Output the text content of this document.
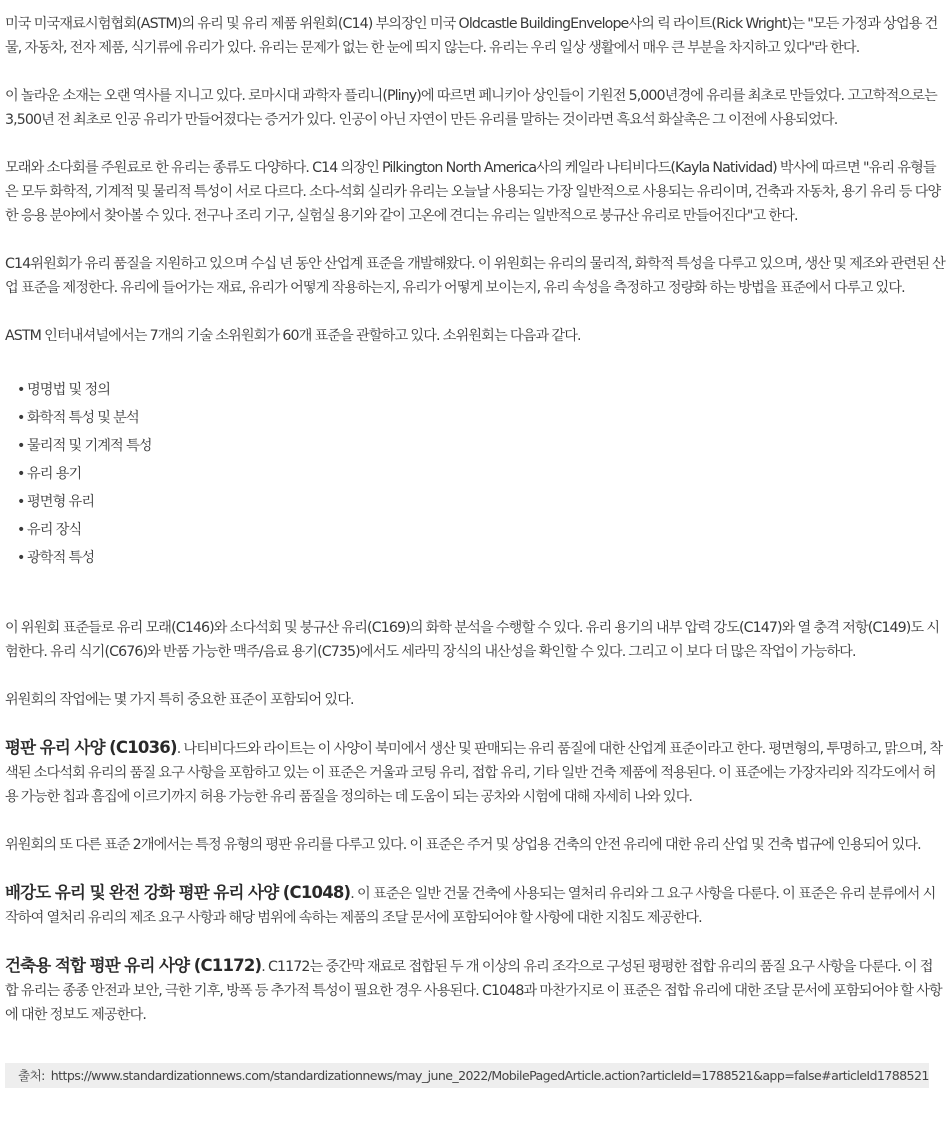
미국 미국재료시험협회(ASTM)의 유리 및 유리 제품 위원회(C14) 부의장인 미국 Oldcastle BuildingEnvelope사의 릭 라이트(Rick Wright)는 "모든 가정과 상업용 건물, 자동차, 전자 제품, 식기류에 유리가 있다. 유리는 문제가 없는 한 눈에 띄지 않는다. 유리는 우리 일상 생활에서 매우 큰 부분을 차지하고 있다"라 한다.

이 놀라운 소재는 오랜 역사를 지니고 있다. 로마시대 과학자 플리니(Pliny)에 따르면 페니키아 상인들이 기원전 5,000년경에 유리를 최초로 만들었다. 고고학적으로는 3,500년 전 최초로 인공 유리가 만들어졌다는 증거가 있다. 인공이 아닌 자연이 만든 유리를 말하는 것이라면 흑요석 화살촉은 그 이전에 사용되었다.

모래와 소다회를 주원료로 한 유리는 종류도 다양하다. C14 의장인 Pilkington North America사의 케일라 나티비다드(Kayla Natividad) 박사에 따르면 "유리 유형들은 모두 화학적, 기계적 및 물리적 특성이 서로 다르다. 소다-석회 실리카 유리는 오늘날 사용되는 가장 일반적으로 사용되는 유리이며, 건축과 자동차, 용기 유리 등 다양한 응용 분야에서 찾아볼 수 있다. 전구나 조리 기구, 실험실 용기와 같이 고온에 견디는 유리는 일반적으로 붕규산 유리로 만들어진다"고 한다.

C14위원회가 유리 품질을 지원하고 있으며 수십 년 동안 산업계 표준을 개발해왔다. 이 위원회는 유리의 물리적, 화학적 특성을 다루고 있으며, 생산 및 제조와 관련된 산업 표준을 제정한다. 유리에 들어가는 재료, 유리가 어떻게 작용하는지, 유리가 어떻게 보이는지, 유리 속성을 측정하고 정량화 하는 방법을 표준에서 다루고 있다.

ASTM 인터내셔널에서는 7개의 기술 소위원회가 60개 표준을 관할하고 있다. 소위원회는 다음과 같다.

• 명명법 및 정의
• 화학적 특성 및 분석
• 물리적 및 기계적 특성
• 유리 용기
• 평면형 유리
• 유리 장식
• 광학적 특성

이 위원회 표준들로 유리 모래(C146)와 소다석회 및 붕규산 유리(C169)의 화학 분석을 수행할 수 있다. 유리 용기의 내부 압력 강도(C147)와 열 충격 저항(C149)도 시험한다. 유리 식기(C676)와 반품 가능한 맥주/음료 용기(C735)에서도 세라믹 장식의 내산성을 확인할 수 있다. 그리고 이 보다 더 많은 작업이 가능하다.

위원회의 작업에는 몇 가지 특히 중요한 표준이 포함되어 있다.

평판 유리 사양 (C1036). 나티비다드와 라이트는 이 사양이 북미에서 생산 및 판매되는 유리 품질에 대한 산업계 표준이라고 한다. 평면형의, 투명하고, 맑으며, 착색된 소다석회 유리의 품질 요구 사항을 포함하고 있는 이 표준은 거울과 코팅 유리, 접합 유리, 기타 일반 건축 제품에 적용된다. 이 표준에는 가장자리와 직각도에서 허용 가능한 칩과 흠집에 이르기까지 허용 가능한 유리 품질을 정의하는 데 도움이 되는 공차와 시험에 대해 자세히 나와 있다.

위원회의 또 다른 표준 2개에서는 특정 유형의 평판 유리를 다루고 있다. 이 표준은 주거 및 상업용 건축의 안전 유리에 대한 유리 산업 및 건축 법규에 인용되어 있다.

배강도 유리 및 완전 강화 평판 유리 사양 (C1048). 이 표준은 일반 건물 건축에 사용되는 열처리 유리와 그 요구 사항을 다룬다. 이 표준은 유리 분류에서 시작하여 열처리 유리의 제조 요구 사항과 해당 범위에 속하는 제품의 조달 문서에 포함되어야 할 사항에 대한 지침도 제공한다.

건축용 적합 평판 유리 사양 (C1172). C1172는 중간막 재료로 접합된 두 개 이상의 유리 조각으로 구성된 평평한 접합 유리의 품질 요구 사항을 다룬다. 이 접합 유리는 종종 안전과 보안, 극한 기후, 방폭 등 추가적 특성이 필요한 경우 사용된다. C1048과 마찬가지로 이 표준은 접합 유리에 대한 조달 문서에 포함되어야 할 사항에 대한 정보도 제공한다.

출처: https://www.standardizationnews.com/standardizationnews/may_june_2022/MobilePagedArticle.action?articleId=1788521&app=false#articleId1788521
